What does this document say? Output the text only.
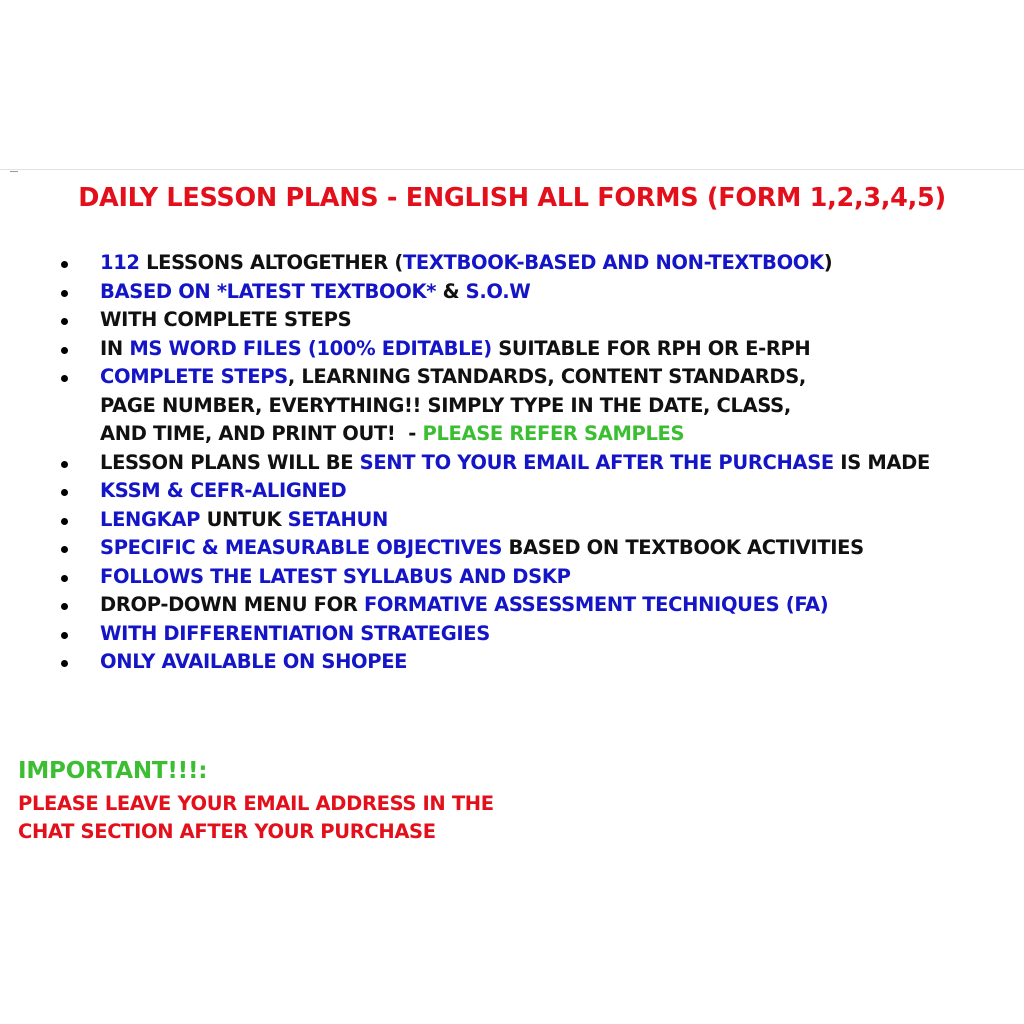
DAILY LESSON PLANS - ENGLISH ALL FORMS (FORM 1,2,3,4,5)
112 LESSONS ALTOGETHER (TEXTBOOK-BASED AND NON-TEXTBOOK)
BASED ON *LATEST TEXTBOOK* & S.O.W
WITH COMPLETE STEPS
IN MS WORD FILES (100% EDITABLE) SUITABLE FOR RPH OR E-RPH
COMPLETE STEPS, LEARNING STANDARDS, CONTENT STANDARDS,
PAGE NUMBER, EVERYTHING!! SIMPLY TYPE IN THE DATE, CLASS,
AND TIME, AND PRINT OUT!  - PLEASE REFER SAMPLES
LESSON PLANS WILL BE SENT TO YOUR EMAIL AFTER THE PURCHASE IS MADE
KSSM & CEFR-ALIGNED
LENGKAP UNTUK SETAHUN
SPECIFIC & MEASURABLE OBJECTIVES BASED ON TEXTBOOK ACTIVITIES
FOLLOWS THE LATEST SYLLABUS AND DSKP
DROP-DOWN MENU FOR FORMATIVE ASSESSMENT TECHNIQUES (FA)
WITH DIFFERENTIATION STRATEGIES
ONLY AVAILABLE ON SHOPEE
IMPORTANT!!!:
PLEASE LEAVE YOUR EMAIL ADDRESS IN THE
CHAT SECTION AFTER YOUR PURCHASE
